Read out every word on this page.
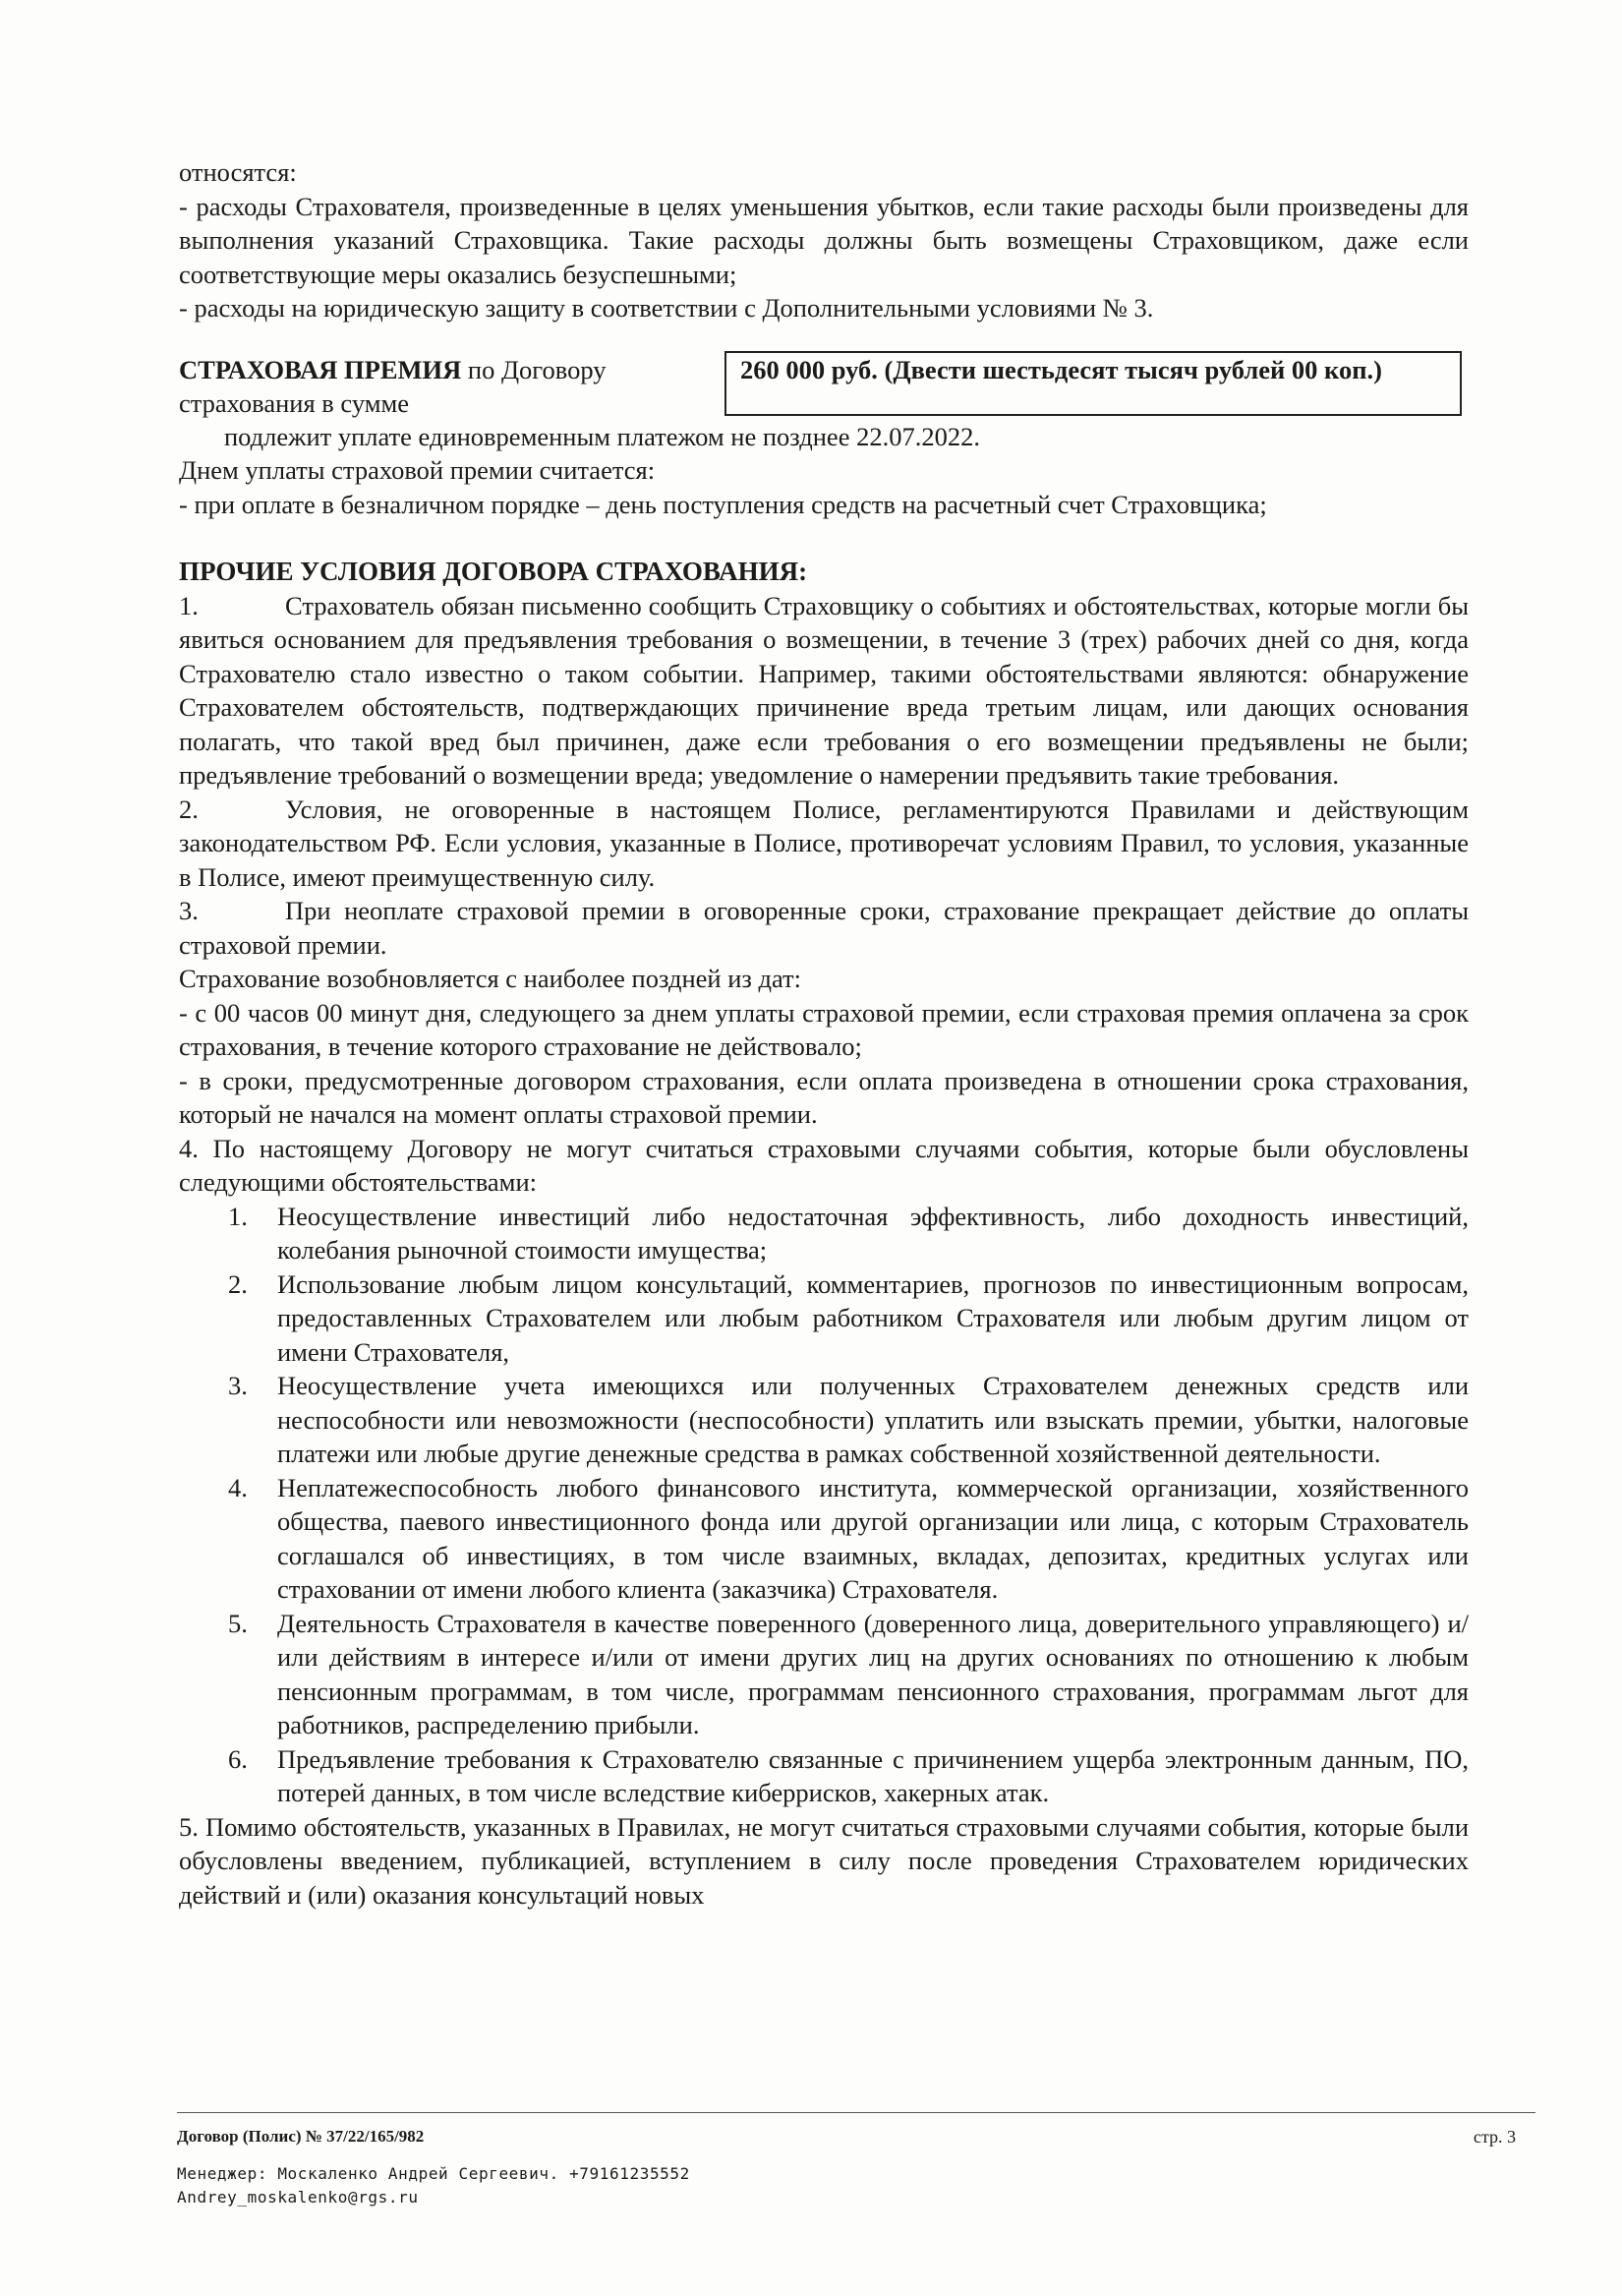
относятся:

- расходы Страхователя, произведенные в целях уменьшения убытков, если такие расходы были произведены для выполнения указаний Страховщика. Такие расходы должны быть возмещены Страховщиком, даже если соответствующие меры оказались безуспешными;

- расходы на юридическую защиту в соответствии с Дополнительными условиями № 3.

СТРАХОВАЯ ПРЕМИЯ по Договору страхования в сумме
260 000 руб. (Двести шестьдесят тысяч рублей 00 коп.)

подлежит уплате единовременным платежом не позднее 22.07.2022.

Днем уплаты страховой премии считается:

- при оплате в безналичном порядке – день поступления средств на расчетный счет Страховщика;

ПРОЧИЕ УСЛОВИЯ ДОГОВОРА СТРАХОВАНИЯ:

1.	Страхователь обязан письменно сообщить Страховщику о событиях и обстоятельствах, которые могли бы явиться основанием для предъявления требования о возмещении, в течение 3 (трех) рабочих дней со дня, когда Страхователю стало известно о таком событии. Например, такими обстоятельствами являются: обнаружение Страхователем обстоятельств, подтверждающих причинение вреда третьим лицам, или дающих основания полагать, что такой вред был причинен, даже если требования о его возмещении предъявлены не были; предъявление требований о возмещении вреда; уведомление о намерении предъявить такие требования.

2.	Условия, не оговоренные в настоящем Полисе, регламентируются Правилами и действующим законодательством РФ. Если условия, указанные в Полисе, противоречат условиям Правил, то условия, указанные в Полисе, имеют преимущественную силу.

3.	При неоплате страховой премии в оговоренные сроки, страхование прекращает действие до оплаты страховой премии.

Страхование возобновляется с наиболее поздней из дат:

- с 00 часов 00 минут дня, следующего за днем уплаты страховой премии, если страховая премия оплачена за срок страхования, в течение которого страхование не действовало;

- в сроки, предусмотренные договором страхования, если оплата произведена в отношении срока страхования, который не начался на момент оплаты страховой премии.

4. По настоящему Договору не могут считаться страховыми случаями события, которые были обусловлены следующими обстоятельствами:

1. Неосуществление инвестиций либо недостаточная эффективность, либо доходность инвестиций, колебания рыночной стоимости имущества;
2. Использование любым лицом консультаций, комментариев, прогнозов по инвестиционным вопросам, предоставленных Страхователем или любым работником Страхователя или любым другим лицом от имени Страхователя,
3. Неосуществление учета имеющихся или полученных Страхователем денежных средств или неспособности или невозможности (неспособности) уплатить или взыскать премии, убытки, налоговые платежи или любые другие денежные средства в рамках собственной хозяйственной деятельности.
4. Неплатежеспособность любого финансового института, коммерческой организации, хозяйственного общества, паевого инвестиционного фонда или другой организации или лица, с которым Страхователь соглашался об инвестициях, в том числе взаимных, вкладах, депозитах, кредитных услугах или страховании от имени любого клиента (заказчика) Страхователя.
5. Деятельность Страхователя в качестве поверенного (доверенного лица, доверительного управляющего) и/или действиям в интересе и/или от имени других лиц на других основаниях по отношению к любым пенсионным программам, в том числе, программам пенсионного страхования, программам льгот для работников, распределению прибыли.
6. Предъявление требования к Страхователю связанные с причинением ущерба электронным данным, ПО, потерей данных, в том числе вследствие киберрисков, хакерных атак.

5. Помимо обстоятельств, указанных в Правилах, не могут считаться страховыми случаями события, которые были обусловлены введением, публикацией, вступлением в силу после проведения Страхователем юридических действий и (или) оказания консультаций новых

Договор (Полис) № 37/22/165/982	стр. 3
Менеджер: Москаленко Андрей Сергеевич. +79161235552
Andrey_moskalenko@rgs.ru
